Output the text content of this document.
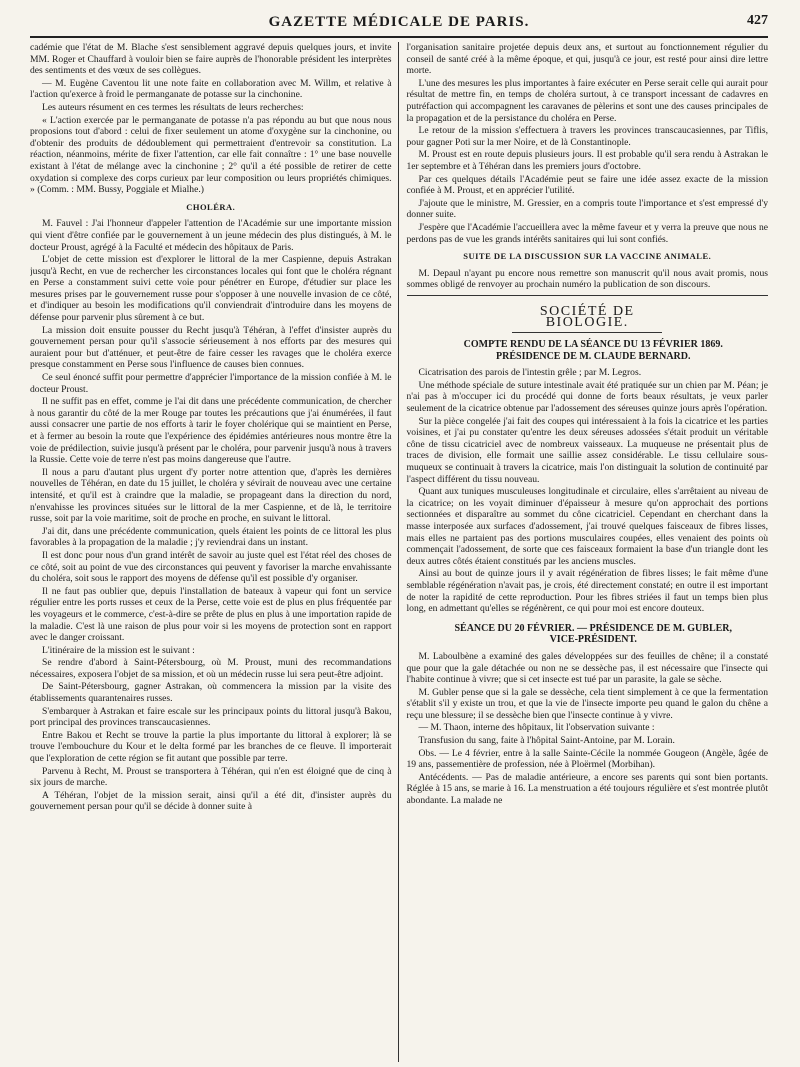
GAZETTE MÉDICALE DE PARIS.	427

cadémie que l'état de M. Blache s'est sensiblement aggravé depuis quelques jours, et invite MM. Roger et Chauffard à vouloir bien se faire auprès de l'honorable président les interprètes des sentiments et des vœux de ses collègues.

— M. Eugène Caventou lit une note faite en collaboration avec M. Willm, et relative à l'action qu'exerce à froid le permanganate de potasse sur la cinchonine.

Les auteurs résument en ces termes les résultats de leurs recherches:

« L'action exercée par le permanganate de potasse n'a pas répondu au but que nous nous proposions tout d'abord : celui de fixer seulement un atome d'oxygène sur la cinchonine, ou d'obtenir des produits de dédoublement qui permettraient d'entrevoir sa constitution. La réaction, néanmoins, mérite de fixer l'attention, car elle fait connaître : 1° une base nouvelle existant à l'état de mélange avec la cinchonine ; 2° qu'il a été possible de retirer de cette oxydation si complexe des corps curieux par leur composition ou leurs propriétés chimiques. » (Comm. : MM. Bussy, Poggiale et Mialhe.)

CHOLÉRA.

M. Fauvel : J'ai l'honneur d'appeler l'attention de l'Académie sur une importante mission qui vient d'être confiée par le gouvernement à un jeune médecin des plus distingués, à M. le docteur Proust, agrégé à la Faculté et médecin des hôpitaux de Paris.

L'objet de cette mission est d'explorer le littoral de la mer Caspienne, depuis Astrakan jusqu'à Recht, en vue de rechercher les circonstances locales qui font que le choléra régnant en Perse a constamment suivi cette voie pour pénétrer en Europe, d'étudier sur place les mesures prises par le gouvernement russe pour s'opposer à une nouvelle invasion de ce côté, et d'indiquer au besoin les modifications qu'il conviendrait d'introduire dans les moyens de défense pour parvenir plus sûrement à ce but.

La mission doit ensuite pousser du Recht jusqu'à Téhéran, à l'effet d'insister auprès du gouvernement persan pour qu'il s'associe sérieusement à nos efforts par des mesures qui auraient pour but d'atténuer, et peut-être de faire cesser les ravages que le choléra exerce presque constamment en Perse sous l'influence de causes bien connues.

Ce seul énoncé suffit pour permettre d'apprécier l'importance de la mission confiée à M. le docteur Proust.

Il ne suffit pas en effet, comme je l'ai dit dans une précédente communication, de chercher à nous garantir du côté de la mer Rouge par toutes les précautions que j'ai énumérées, il faut aussi consacrer une partie de nos efforts à tarir le foyer cholérique qui se maintient en Perse, et à fermer au besoin la route que l'expérience des épidémies antérieures nous montre être la voie de prédilection, suivie jusqu'à présent par le choléra, pour parvenir jusqu'à nous à travers la Russie. Cette voie de terre n'est pas moins dangereuse que l'autre.

Il nous a paru d'autant plus urgent d'y porter notre attention que, d'après les dernières nouvelles de Téhéran, en date du 15 juillet, le choléra y sévirait de nouveau avec une certaine intensité, et qu'il est à craindre que la maladie, se propageant dans la direction du nord, n'envahisse les provinces situées sur le littoral de la mer Caspienne, et de là, le territoire russe, soit par la voie maritime, soit de proche en proche, en suivant le littoral.

J'ai dit, dans une précédente communication, quels étaient les points de ce littoral les plus favorables à la propagation de la maladie ; j'y reviendrai dans un instant.

Il est donc pour nous d'un grand intérêt de savoir au juste quel est l'état réel des choses de ce côté, soit au point de vue des circonstances qui peuvent y favoriser la marche envahissante du choléra, soit sous le rapport des moyens de défense qu'il est possible d'y organiser.

Il ne faut pas oublier que, depuis l'installation de bateaux à vapeur qui font un service régulier entre les ports russes et ceux de la Perse, cette voie est de plus en plus fréquentée par les voyageurs et le commerce, c'est-à-dire se prête de plus en plus à une importation rapide de la maladie. C'est là une raison de plus pour voir si les moyens de protection sont en rapport avec le danger croissant.

L'itinéraire de la mission est le suivant :

Se rendre d'abord à Saint-Pétersbourg, où M. Proust, muni des recommandations nécessaires, exposera l'objet de sa mission, et où un médecin russe lui sera peut-être adjoint.

De Saint-Pétersbourg, gagner Astrakan, où commencera la mission par la visite des établissements quarantenaires russes.

S'embarquer à Astrakan et faire escale sur les principaux points du littoral jusqu'à Bakou, port principal des provinces transcaucasiennes.

Entre Bakou et Recht se trouve la partie la plus importante du littoral à explorer; là se trouve l'embouchure du Kour et le delta formé par les branches de ce fleuve. Il importerait que l'exploration de cette région se fit autant que possible par terre.

Parvenu à Recht, M. Proust se transportera à Téhéran, qui n'en est éloigné que de cinq à six jours de marche.

A Téhéran, l'objet de la mission serait, ainsi qu'il a été dit, d'insister auprès du gouvernement persan pour qu'il se décide à donner suite à

l'organisation sanitaire projetée depuis deux ans, et surtout au fonctionnement régulier du conseil de santé créé à la même époque, et qui, jusqu'à ce jour, est resté pour ainsi dire lettre morte.

L'une des mesures les plus importantes à faire exécuter en Perse serait celle qui aurait pour résultat de mettre fin, en temps de choléra surtout, à ce transport incessant de cadavres en putréfaction qui accompagnent les caravanes de pèlerins et sont une des causes principales de la propagation et de la persistance du choléra en Perse.

Le retour de la mission s'effectuera à travers les provinces transcaucasiennes, par Tiflis, pour gagner Poti sur la mer Noire, et de là Constantinople.

M. Proust est en route depuis plusieurs jours. Il est probable qu'il sera rendu à Astrakan le 1er septembre et à Téhéran dans les premiers jours d'octobre.

Par ces quelques détails l'Académie peut se faire une idée assez exacte de la mission confiée à M. Proust, et en apprécier l'utilité.

J'ajoute que le ministre, M. Gressier, en a compris toute l'importance et s'est empressé d'y donner suite.

J'espère que l'Académie l'accueillera avec la même faveur et y verra la preuve que nous ne perdons pas de vue les grands intérêts sanitaires qui lui sont confiés.

SUITE DE LA DISCUSSION SUR LA VACCINE ANIMALE.

M. Depaul n'ayant pu encore nous remettre son manuscrit qu'il nous avait promis, nous sommes obligé de renvoyer au prochain numéro la publication de son discours.

SOCIÉTÉ DE BIOLOGIE.

COMPTE RENDU DE LA SÉANCE DU 13 FÉVRIER 1869.

PRÉSIDENCE DE M. CLAUDE BERNARD.

Cicatrisation des parois de l'intestin grêle ; par M. Legros.

Une méthode spéciale de suture intestinale avait été pratiquée sur un chien par M. Péan; je n'ai pas à m'occuper ici du procédé qui donne de forts beaux résultats, je veux parler seulement de la cicatrice obtenue par l'adossement des séreuses quinze jours après l'opération.

Sur la pièce congelée j'ai fait des coupes qui intéressaient à la fois la cicatrice et les parties voisines, et j'ai pu constater qu'entre les deux séreuses adossées s'était produit un véritable cône de tissu cicatriciel avec de nombreux vaisseaux. La muqueuse ne présentait plus de traces de division, elle formait une saillie assez considérable. Le tissu cellulaire sous-muqueux se continuait à travers la cicatrice, mais l'on distinguait la solution de continuité par l'aspect différent du tissu nouveau.

Quant aux tuniques musculeuses longitudinale et circulaire, elles s'arrêtaient au niveau de la cicatrice; on les voyait diminuer d'épaisseur à mesure qu'on approchait des portions sectionnées et disparaître au sommet du cône cicatriciel. Cependant en cherchant dans la masse interposée aux surfaces d'adossement, j'ai trouvé quelques faisceaux de fibres lisses, mais elles ne partaient pas des portions musculaires coupées, elles venaient des points où commençait l'adossement, de sorte que ces faisceaux formaient la base d'un triangle dont les deux autres côtés étaient constitués par les anciens muscles.

Ainsi au bout de quinze jours il y avait régénération de fibres lisses; le fait même d'une semblable régénération n'avait pas, je crois, été directement constaté; en outre il est important de noter la rapidité de cette reproduction. Pour les fibres striées il faut un temps bien plus long, en admettant qu'elles se régénèrent, ce qui pour moi est encore douteux.

SÉANCE DU 20 FÉVRIER. — PRÉSIDENCE DE M. GUBLER,

VICE-PRÉSIDENT.

M. Laboulbène a examiné des gales développées sur des feuilles de chêne; il a constaté que pour que la gale détachée ou non ne se dessèche pas, il est nécessaire que l'insecte qui l'habite continue à vivre; que si cet insecte est tué par un parasite, la gale se sèche.

M. Gubler pense que si la gale se dessèche, cela tient simplement à ce que la fermentation s'établit s'il y existe un trou, et que la vie de l'insecte importe peu quand le galon du chêne a reçu une blessure; il se dessèche bien que l'insecte continue à y vivre.

— M. Thaon, interne des hôpitaux, lit l'observation suivante :

Transfusion du sang, faite à l'hôpital Saint-Antoine, par M. Lorain.

Obs. — Le 4 février, entre à la salle Sainte-Cécile la nommée Gougeon (Angèle, âgée de 19 ans, passementière de profession, née à Ploërmel (Morbihan).

Antécédents. — Pas de maladie antérieure, a encore ses parents qui sont bien portants. Réglée à 15 ans, se marie à 16. La menstruation a été toujours régulière et s'est montrée plutôt abondante. La malade ne
